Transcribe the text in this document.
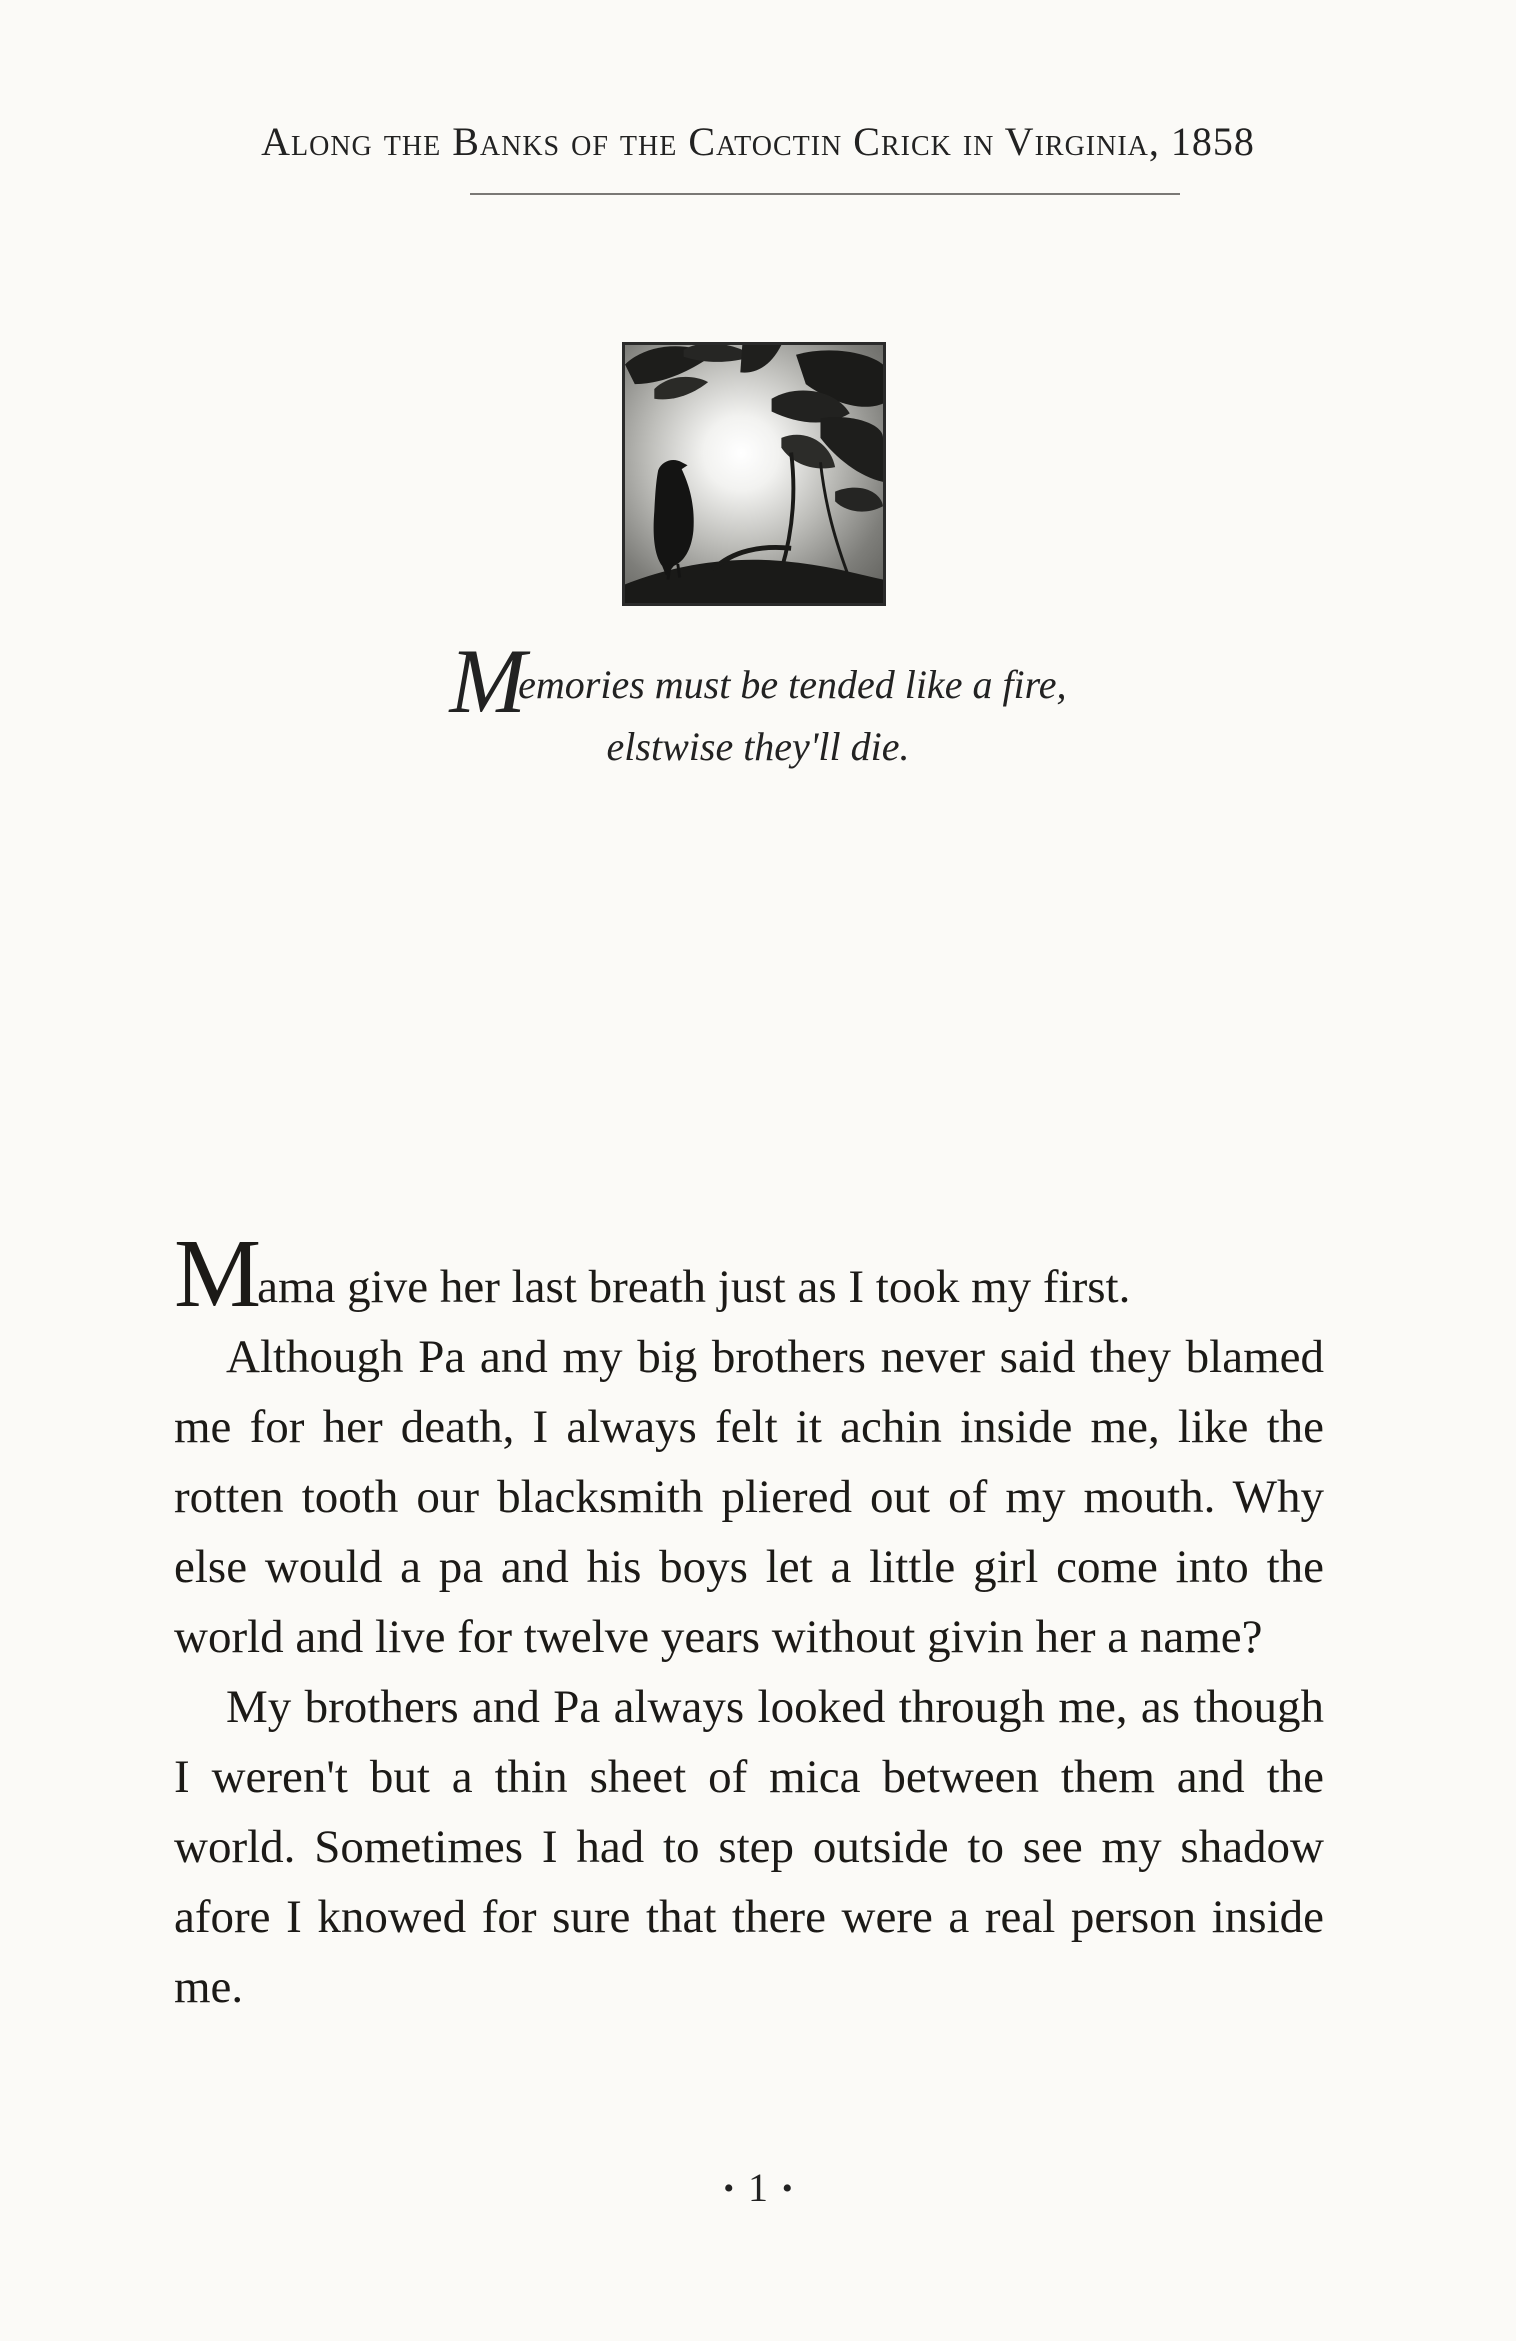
Along the Banks of the Catoctin Crick in Virginia, 1858
Memories must be tended like a fire,
elstwise they'll die.

Mama give her last breath just as I took my first.

Although Pa and my big brothers never said they blamed me for her death, I always felt it achin inside me, like the rotten tooth our blacksmith pliered out of my mouth. Why else would a pa and his boys let a little girl come into the world and live for twelve years without givin her a name?

My brothers and Pa always looked through me, as though I weren't but a thin sheet of mica between them and the world. Sometimes I had to step outside to see my shadow afore I knowed for sure that there were a real person inside me.

• 1 •
